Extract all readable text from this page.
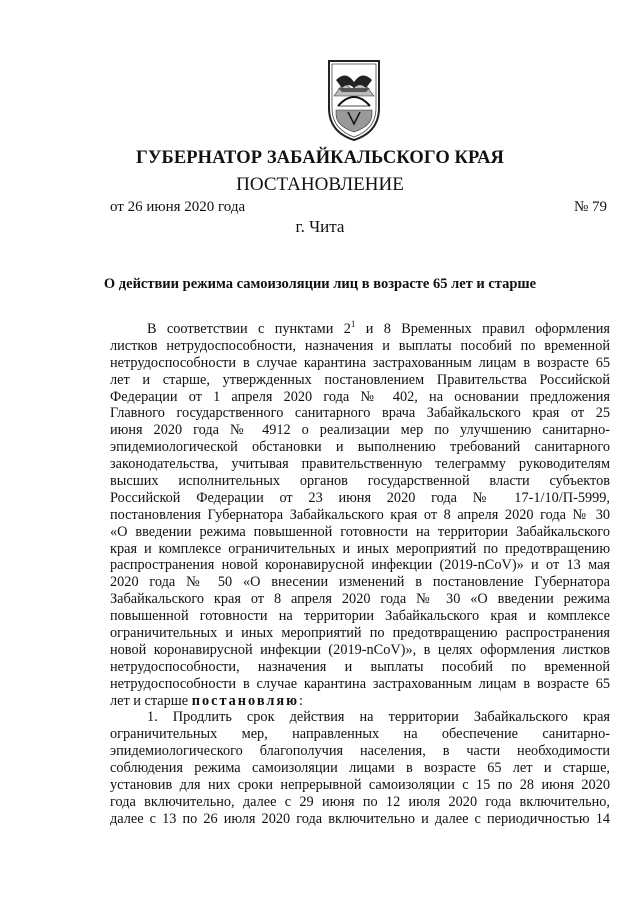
ГУБЕРНАТОР ЗАБАЙКАЛЬСКОГО КРАЯ
ПОСТАНОВЛЕНИЕ
от 26 июня 2020 года	№ 79
г. Чита
О действии режима самоизоляции лиц в возрасте 65 лет и старше
В соответствии с пунктами $2^1$ и 8 Временных правил оформления
листков нетрудоспособности, назначения и выплаты пособий по временной
нетрудоспособности в случае карантина застрахованным лицам в возрасте 65
лет и старше, утвержденных постановлением Правительства Российской
Федерации от 1 апреля 2020 года № 402, на основании предложения
Главного государственного санитарного врача Забайкальского края от 25
июня 2020 года № 4912 о реализации мер по улучшению санитарно-
эпидемиологической обстановки и выполнению требований санитарного
законодательства, учитывая правительственную телеграмму руководителям
высших исполнительных органов государственной власти субъектов
Российской Федерации от 23 июня 2020 года № 17-1/10/П-5999,
постановления Губернатора Забайкальского края от 8 апреля 2020 года № 30
«О введении режима повышенной готовности на территории Забайкальского
края и комплексе ограничительных и иных мероприятий по предотвращению
распространения новой коронавирусной инфекции (2019-nCoV)» и от 13 мая
2020 года № 50 «О внесении изменений в постановление Губернатора
Забайкальского края от 8 апреля 2020 года № 30 «О введении режима
повышенной готовности на территории Забайкальского края и комплексе
ограничительных и иных мероприятий по предотвращению распространения
новой коронавирусной инфекции (2019-nCoV)», в целях оформления листков
нетрудоспособности, назначения и выплаты пособий по временной
нетрудоспособности в случае карантина застрахованным лицам в возрасте 65
лет и старше постановляю:
1. Продлить срок действия на территории Забайкальского края
ограничительных мер, направленных на обеспечение санитарно-
эпидемиологического благополучия населения, в части необходимости
соблюдения режима самоизоляции лицами в возрасте 65 лет и старше,
установив для них сроки непрерывной самоизоляции с 15 по 28 июня 2020
года включительно, далее с 29 июня по 12 июля 2020 года включительно,
далее с 13 по 26 июля 2020 года включительно и далее с периодичностью 14
